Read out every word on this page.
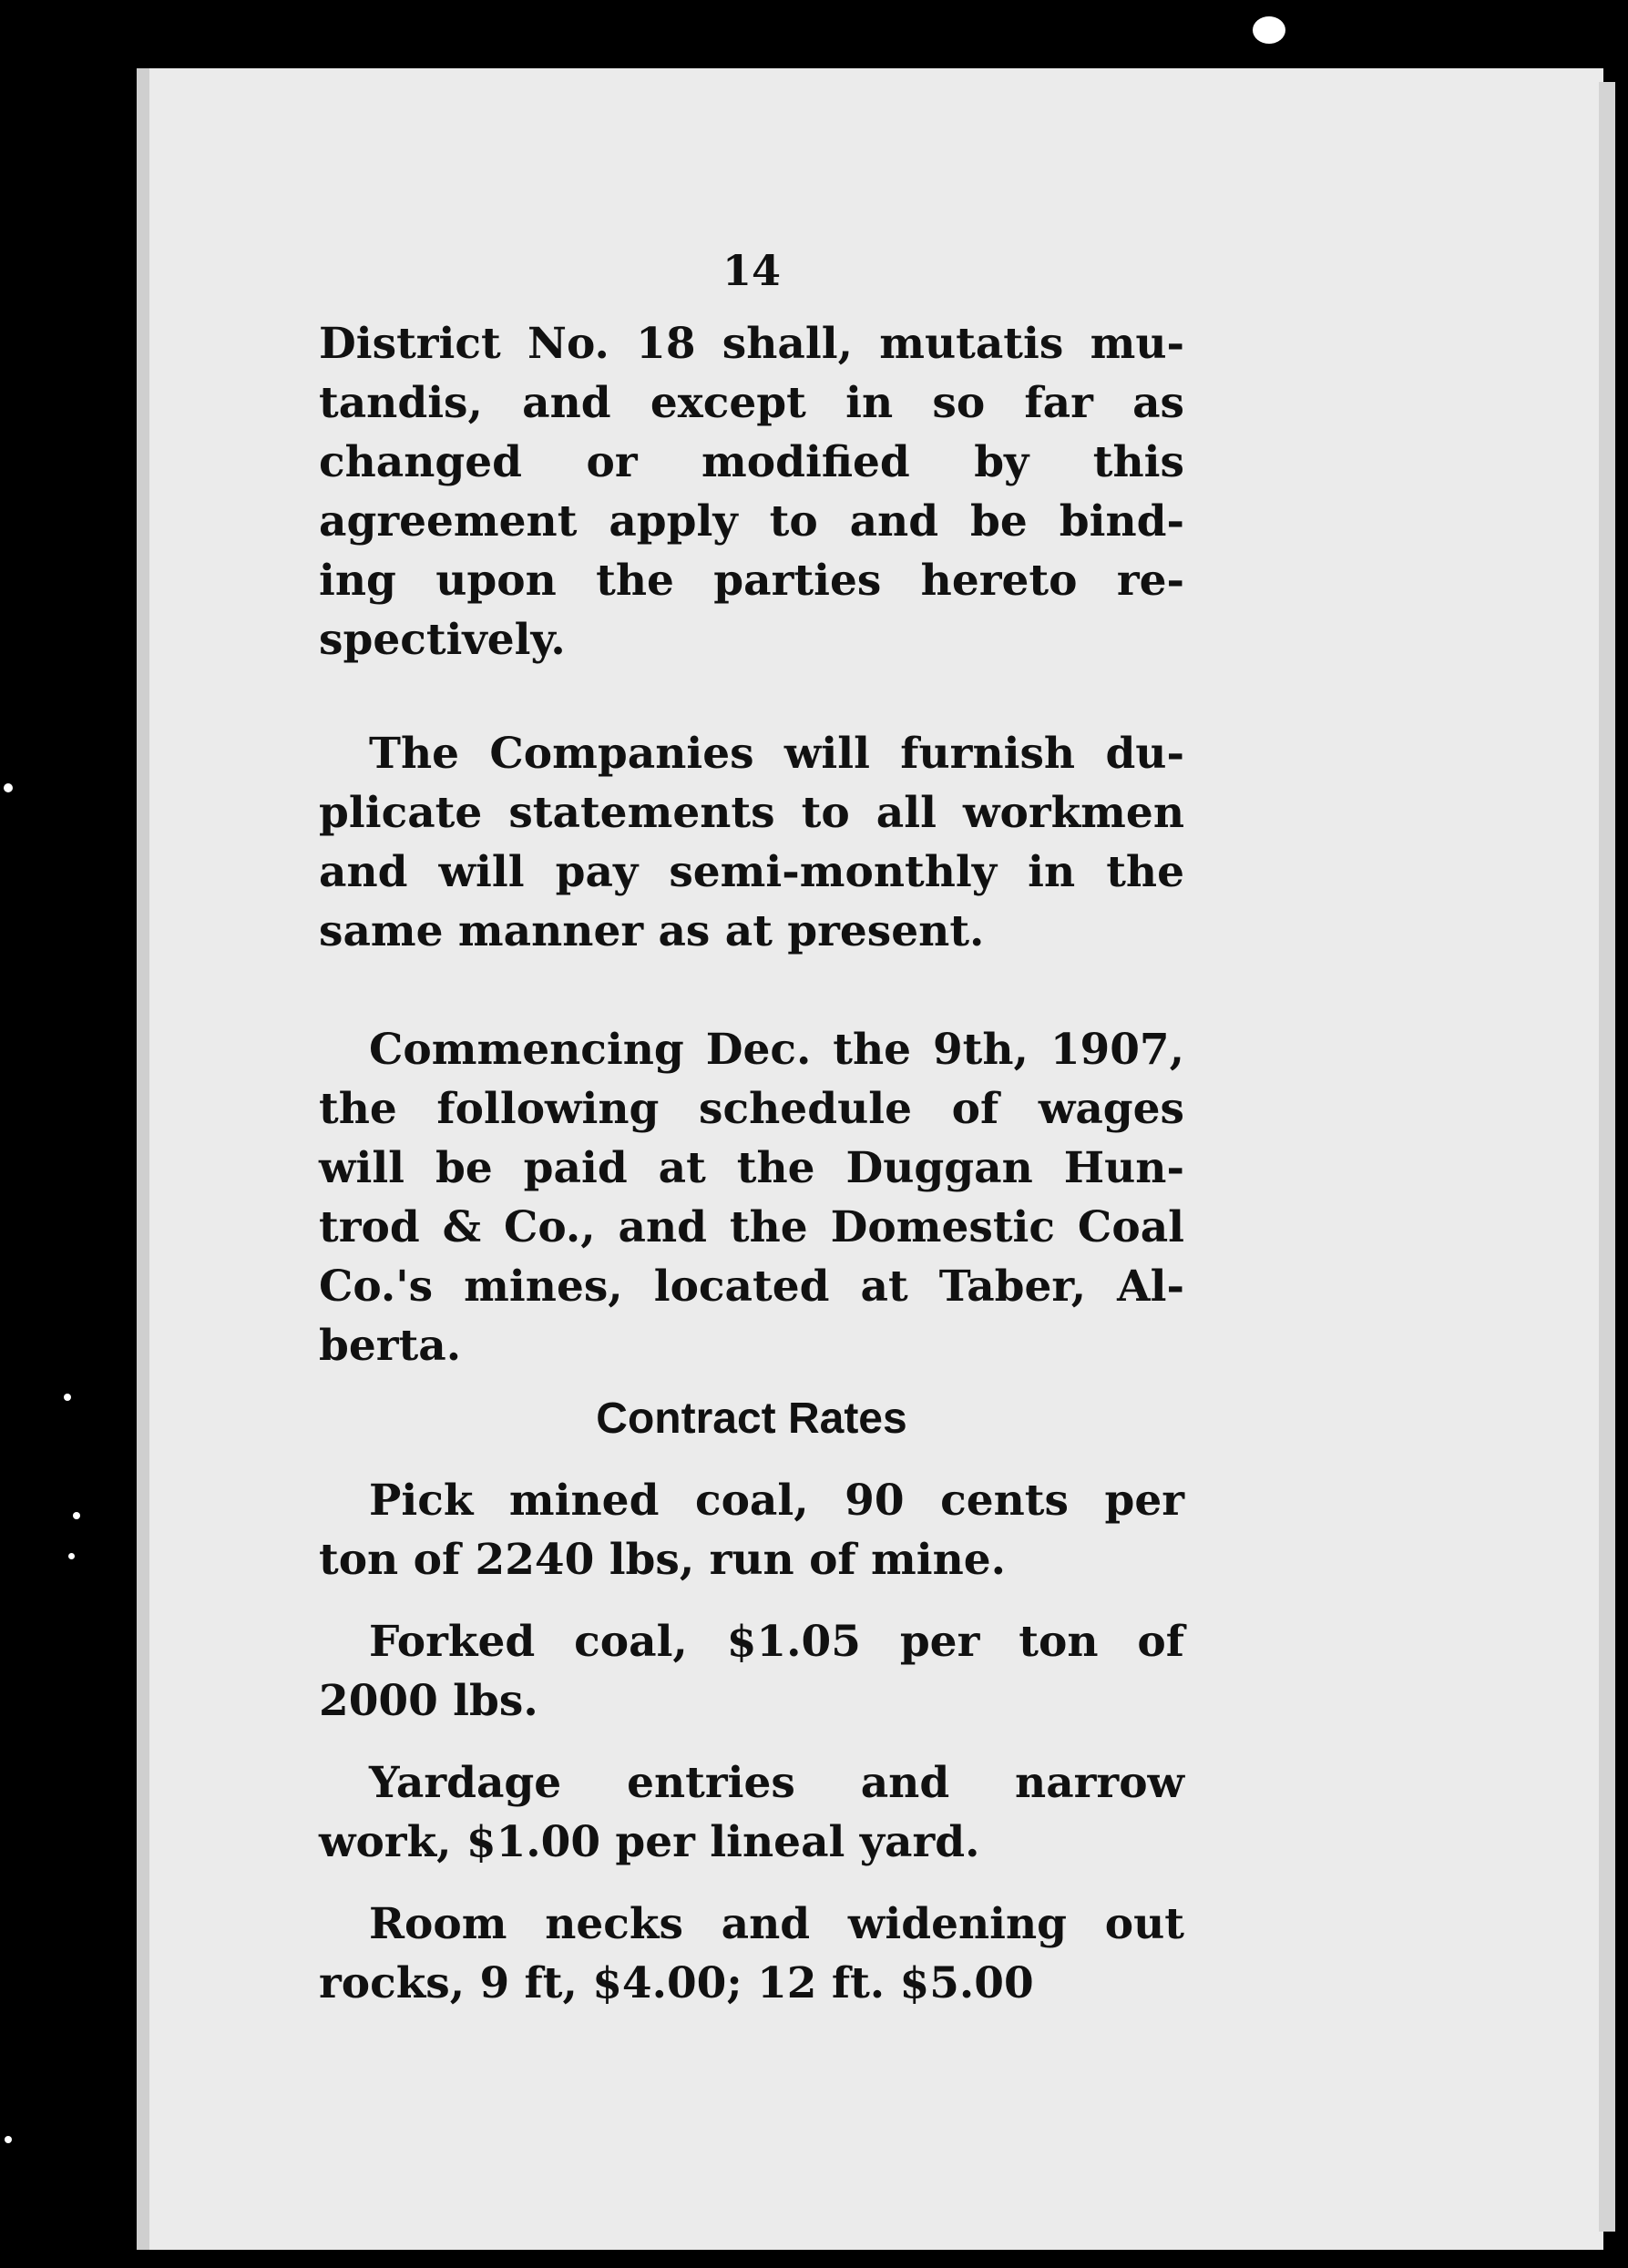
14

District No. 18 shall, mutatis mu-
tandis, and except in so far as
changed or modified by this
agreement apply to and be bind-
ing upon the parties hereto re-
spectively.

The Companies will furnish du-
plicate statements to all workmen
and will pay semi-monthly in the
same manner as at present.

Commencing Dec. the 9th, 1907,
the following schedule of wages
will be paid at the Duggan Hun-
trod & Co., and the Domestic Coal
Co.'s mines, located at Taber, Al-
berta.

Contract Rates

Pick mined coal, 90 cents per
ton of 2240 lbs, run of mine.

Forked coal, $1.05 per ton of
2000 lbs.

Yardage entries and narrow
work, $1.00 per lineal yard.

Room necks and widening out
rocks, 9 ft, $4.00; 12 ft. $5.00
